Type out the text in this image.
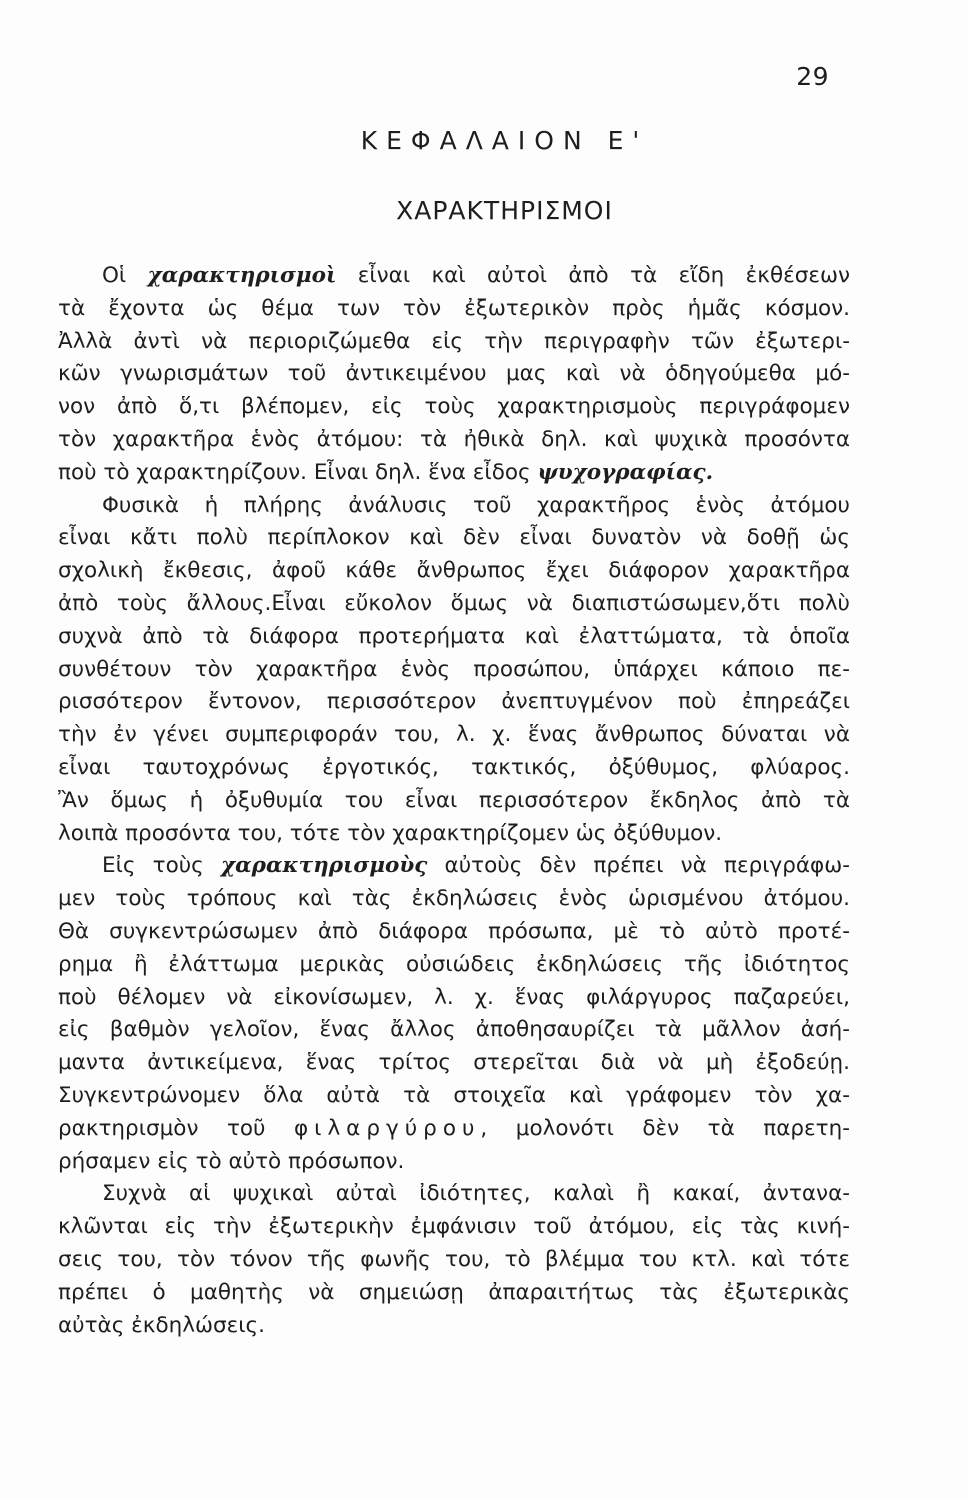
29
ΚΕΦΑΛΑΙΟΝ Ε'
ΧΑΡΑΚΤΗΡΙΣΜΟΙ
Οἱ χαρακτηρισμοὶ εἶναι καὶ αὐτοὶ ἀπὸ τὰ εἴδη ἐκθέσεων
τὰ ἔχοντα ὡς θέμα των τὸν ἐξωτερικὸν πρὸς ἡμᾶς κόσμον.
Ἀλλὰ ἀντὶ νὰ περιοριζώμεθα εἰς τὴν περιγραφὴν τῶν ἐξωτερι-
κῶν γνωρισμάτων τοῦ ἀντικειμένου μας καὶ νὰ ὁδηγούμεθα μό-
νον ἀπὸ ὅ,τι βλέπομεν, εἰς τοὺς χαρακτηρισμοὺς περιγράφομεν
τὸν χαρακτῆρα ἑνὸς ἀτόμου: τὰ ἠθικὰ δηλ. καὶ ψυχικὰ προσόντα
ποὺ τὸ χαρακτηρίζουν. Εἶναι δηλ. ἕνα εἶδος ψυχογραφίας.
Φυσικὰ ἡ πλήρης ἀνάλυσις τοῦ χαρακτῆρος ἑνὸς ἀτόμου
εἶναι κἄτι πολὺ περίπλοκον καὶ δὲν εἶναι δυνατὸν νὰ δοθῇ ὡς
σχολικὴ ἔκθεσις, ἀφοῦ κάθε ἄνθρωπος ἔχει διάφορον χαρακτῆρα
ἀπὸ τοὺς ἄλλους.Εἶναι εὔκολον ὅμως νὰ διαπιστώσωμεν,ὅτι πολὺ
συχνὰ ἀπὸ τὰ διάφορα προτερήματα καὶ ἐλαττώματα, τὰ ὁποῖα
συνθέτουν τὸν χαρακτῆρα ἑνὸς προσώπου, ὑπάρχει κάποιο πε-
ρισσότερον ἔντονον, περισσότερον ἀνεπτυγμένον ποὺ ἐπηρεάζει
τὴν ἐν γένει συμπεριφοράν του, λ. χ. ἕνας ἄνθρωπος δύναται νὰ
εἶναι ταυτοχρόνως ἐργοτικός, τακτικός, ὀξύθυμος, φλύαρος.
Ἂν ὅμως ἡ ὀξυθυμία του εἶναι περισσότερον ἔκδηλος ἀπὸ τὰ
λοιπὰ προσόντα του, τότε τὸν χαρακτηρίζομεν ὡς ὀξύθυμον.
Εἰς τοὺς χαρακτηρισμοὺς αὐτοὺς δὲν πρέπει νὰ περιγράφω-
μεν τοὺς τρόπους καὶ τὰς ἐκδηλώσεις ἑνὸς ὡρισμένου ἀτόμου.
Θὰ συγκεντρώσωμεν ἀπὸ διάφορα πρόσωπα, μὲ τὸ αὐτὸ προτέ-
ρημα ἢ ἐλάττωμα μερικὰς οὐσιώδεις ἐκδηλώσεις τῆς ἰδιότητος
ποὺ θέλομεν νὰ εἰκονίσωμεν, λ. χ. ἕνας φιλάργυρος παζαρεύει,
εἰς βαθμὸν γελοῖον, ἕνας ἄλλος ἀποθησαυρίζει τὰ μᾶλλον ἀσή-
μαντα ἀντικείμενα, ἕνας τρίτος στερεῖται διὰ νὰ μὴ ἐξοδεύῃ.
Συγκεντρώνομεν ὅλα αὐτὰ τὰ στοιχεῖα καὶ γράφομεν τὸν χα-
ρακτηρισμὸν τοῦ φιλαργύρου, μολονότι δὲν τὰ παρετη-
ρήσαμεν εἰς τὸ αὐτὸ πρόσωπον.
Συχνὰ αἱ ψυχικαὶ αὐταὶ ἰδιότητες, καλαὶ ἢ κακαί, ἀντανα-
κλῶνται εἰς τὴν ἐξωτερικὴν ἐμφάνισιν τοῦ ἀτόμου, εἰς τὰς κινή-
σεις του, τὸν τόνον τῆς φωνῆς του, τὸ βλέμμα του κτλ. καὶ τότε
πρέπει ὁ μαθητὴς νὰ σημειώσῃ ἀπαραιτήτως τὰς ἐξωτερικὰς
αὐτὰς ἐκδηλώσεις.
